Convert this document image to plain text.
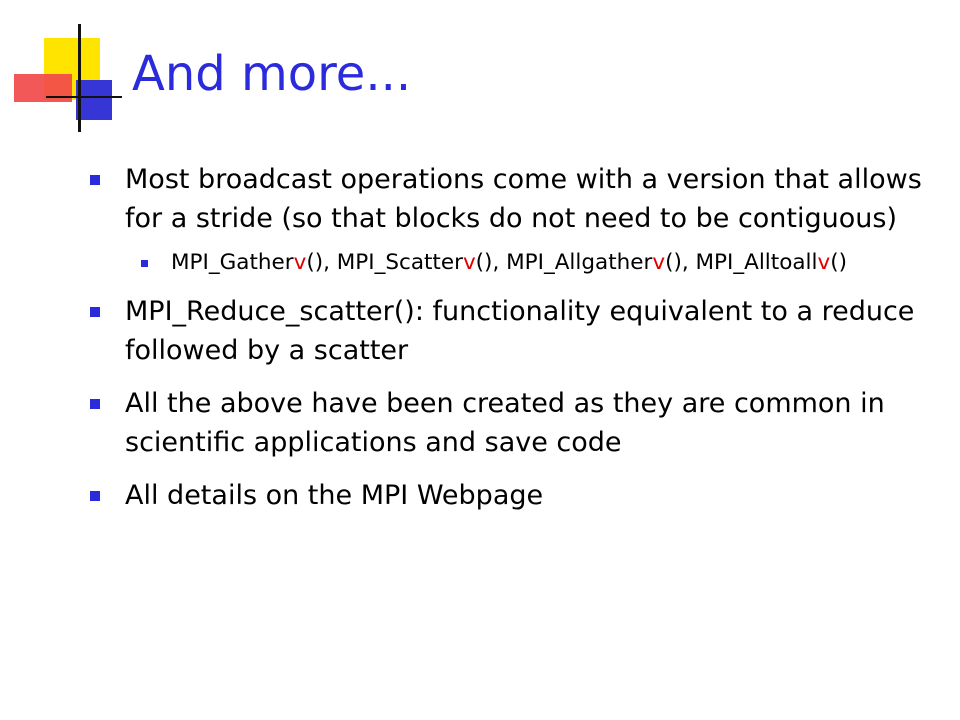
And more...
Most broadcast operations come with a version that allows for a stride (so that blocks do not need to be contiguous)
MPI_Gatherv(), MPI_Scatterv(), MPI_Allgatherv(), MPI_Alltoallv()
MPI_Reduce_scatter(): functionality equivalent to a reduce followed by a scatter
All the above have been created as they are common in scientific applications and save code
All details on the MPI Webpage
